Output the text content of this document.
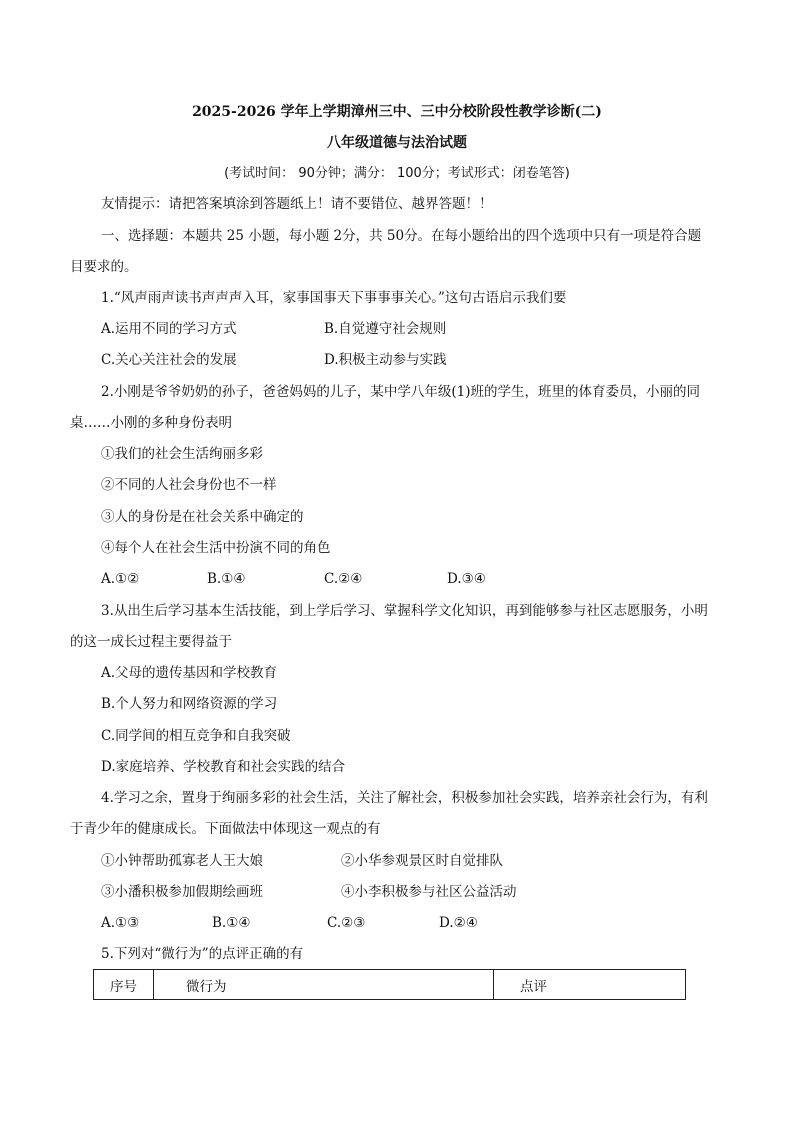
2025-2026 学年上学期漳州三中、三中分校阶段性教学诊断(二)
八年级道德与法治试题
(考试时间： 90分钟；满分： 100分；考试形式：闭卷笔答)
友情提示：请把答案填涂到答题纸上！请不要错位、越界答题！！
一、选择题：本题共 25 小题，每小题 2分，共 50分。在每小题给出的四个选项中只有一项是符合题
目要求的。
1.“风声雨声读书声声声入耳，家事国事天下事事事关心。”这句古语启示我们要
A.运用不同的学习方式	B.自觉遵守社会规则
C.关心关注社会的发展	D.积极主动参与实践
2.小刚是爷爷奶奶的孙子，爸爸妈妈的儿子，某中学八年级(1)班的学生，班里的体育委员，小丽的同
桌……小刚的多种身份表明
①我们的社会生活绚丽多彩
②不同的人社会身份也不一样
③人的身份是在社会关系中确定的
④每个人在社会生活中扮演不同的角色
A.①②	B.①④	C.②④	D.③④
3.从出生后学习基本生活技能，到上学后学习、掌握科学文化知识，再到能够参与社区志愿服务，小明
的这一成长过程主要得益于
A.父母的遗传基因和学校教育
B.个人努力和网络资源的学习
C.同学间的相互竞争和自我突破
D.家庭培养、学校教育和社会实践的结合
4.学习之余，置身于绚丽多彩的社会生活，关注了解社会，积极参加社会实践，培养亲社会行为，有利
于青少年的健康成长。下面做法中体现这一观点的有
①小钟帮助孤寡老人王大娘	②小华参观景区时自觉排队
③小潘积极参加假期绘画班	④小李积极参与社区公益活动
A.①③	B.①④	C.②③	D.②④
5.下列对“微行为”的点评正确的有
序号	微行为	点评
